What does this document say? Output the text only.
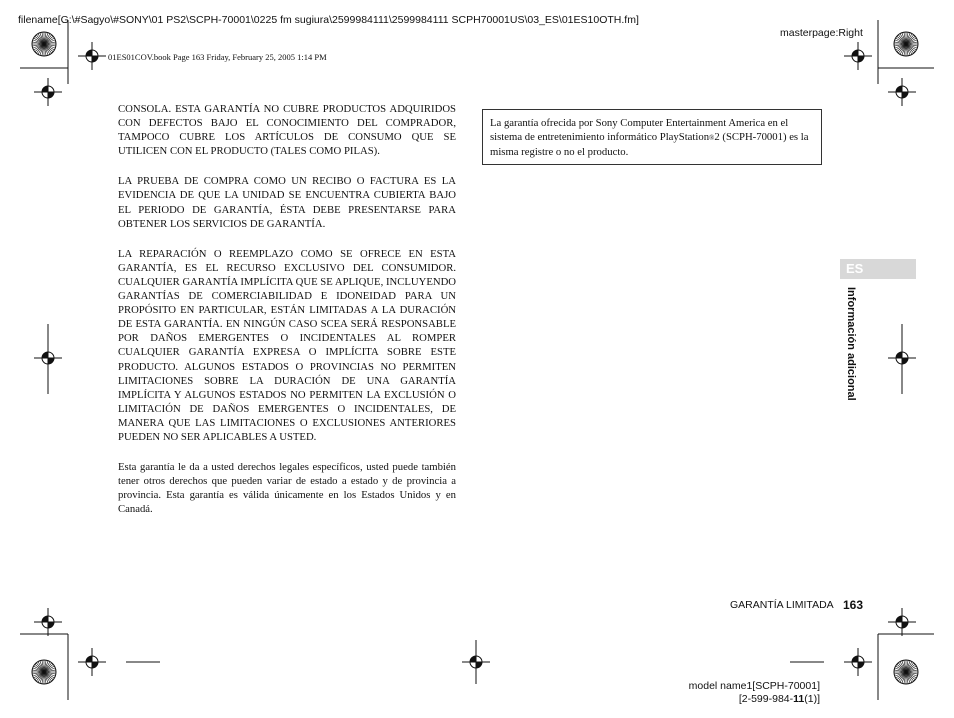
filename[G:\#Sagyo\#SONY\01 PS2\SCPH-70001\0225 fm sugiura\2599984111\2599984111 SCPH70001US\03_ES\01ES10OTH.fm]
masterpage:Right
01ES01COV.book Page 163 Friday, February 25, 2005 1:14 PM

CONSOLA. ESTA GARANTÍA NO CUBRE PRODUCTOS ADQUIRIDOS CON DEFECTOS BAJO EL CONOCIMIENTO DEL COMPRADOR, TAMPOCO CUBRE LOS ARTÍCULOS DE CONSUMO QUE SE UTILICEN CON EL PRODUCTO (TALES COMO PILAS).

LA PRUEBA DE COMPRA COMO UN RECIBO O FACTURA ES LA EVIDENCIA DE QUE LA UNIDAD SE ENCUENTRA CUBIERTA BAJO EL PERIODO DE GARANTÍA, ÉSTA DEBE PRESENTARSE PARA OBTENER LOS SERVICIOS DE GARANTÍA.

LA REPARACIÓN O REEMPLAZO COMO SE OFRECE EN ESTA GARANTÍA, ES EL RECURSO EXCLUSIVO DEL CONSUMIDOR. CUALQUIER GARANTÍA IMPLÍCITA QUE SE APLIQUE, INCLUYENDO GARANTÍAS DE COMERCIABILIDAD E IDONEIDAD PARA UN PROPÓSITO EN PARTICULAR, ESTÁN LIMITADAS A LA DURACIÓN DE ESTA GARANTÍA. EN NINGÚN CASO SCEA SERÁ RESPONSABLE POR DAÑOS EMERGENTES O INCIDENTALES AL ROMPER CUALQUIER GARANTÍA EXPRESA O IMPLÍCITA SOBRE ESTE PRODUCTO. ALGUNOS ESTADOS O PROVINCIAS NO PERMITEN LIMITACIONES SOBRE LA DURACIÓN DE UNA GARANTÍA IMPLÍCITA Y ALGUNOS ESTADOS NO PERMITEN LA EXCLUSIÓN O LIMITACIÓN DE DAÑOS EMERGENTES O INCIDENTALES, DE MANERA QUE LAS LIMITACIONES O EXCLUSIONES ANTERIORES PUEDEN NO SER APLICABLES A USTED.

Esta garantía le da a usted derechos legales específicos, usted puede también tener otros derechos que pueden variar de estado a estado y de provincia a provincia. Esta garantía es válida únicamente en los Estados Unidos y en Canadá.

La garantía ofrecida por Sony Computer Entertainment America en el sistema de entretenimiento informático PlayStation®2 (SCPH-70001) es la misma registre o no el producto.
ES
Información adicional
GARANTÍA LIMITADA 163
model name1[SCPH-70001]
[2-599-984-11(1)]
